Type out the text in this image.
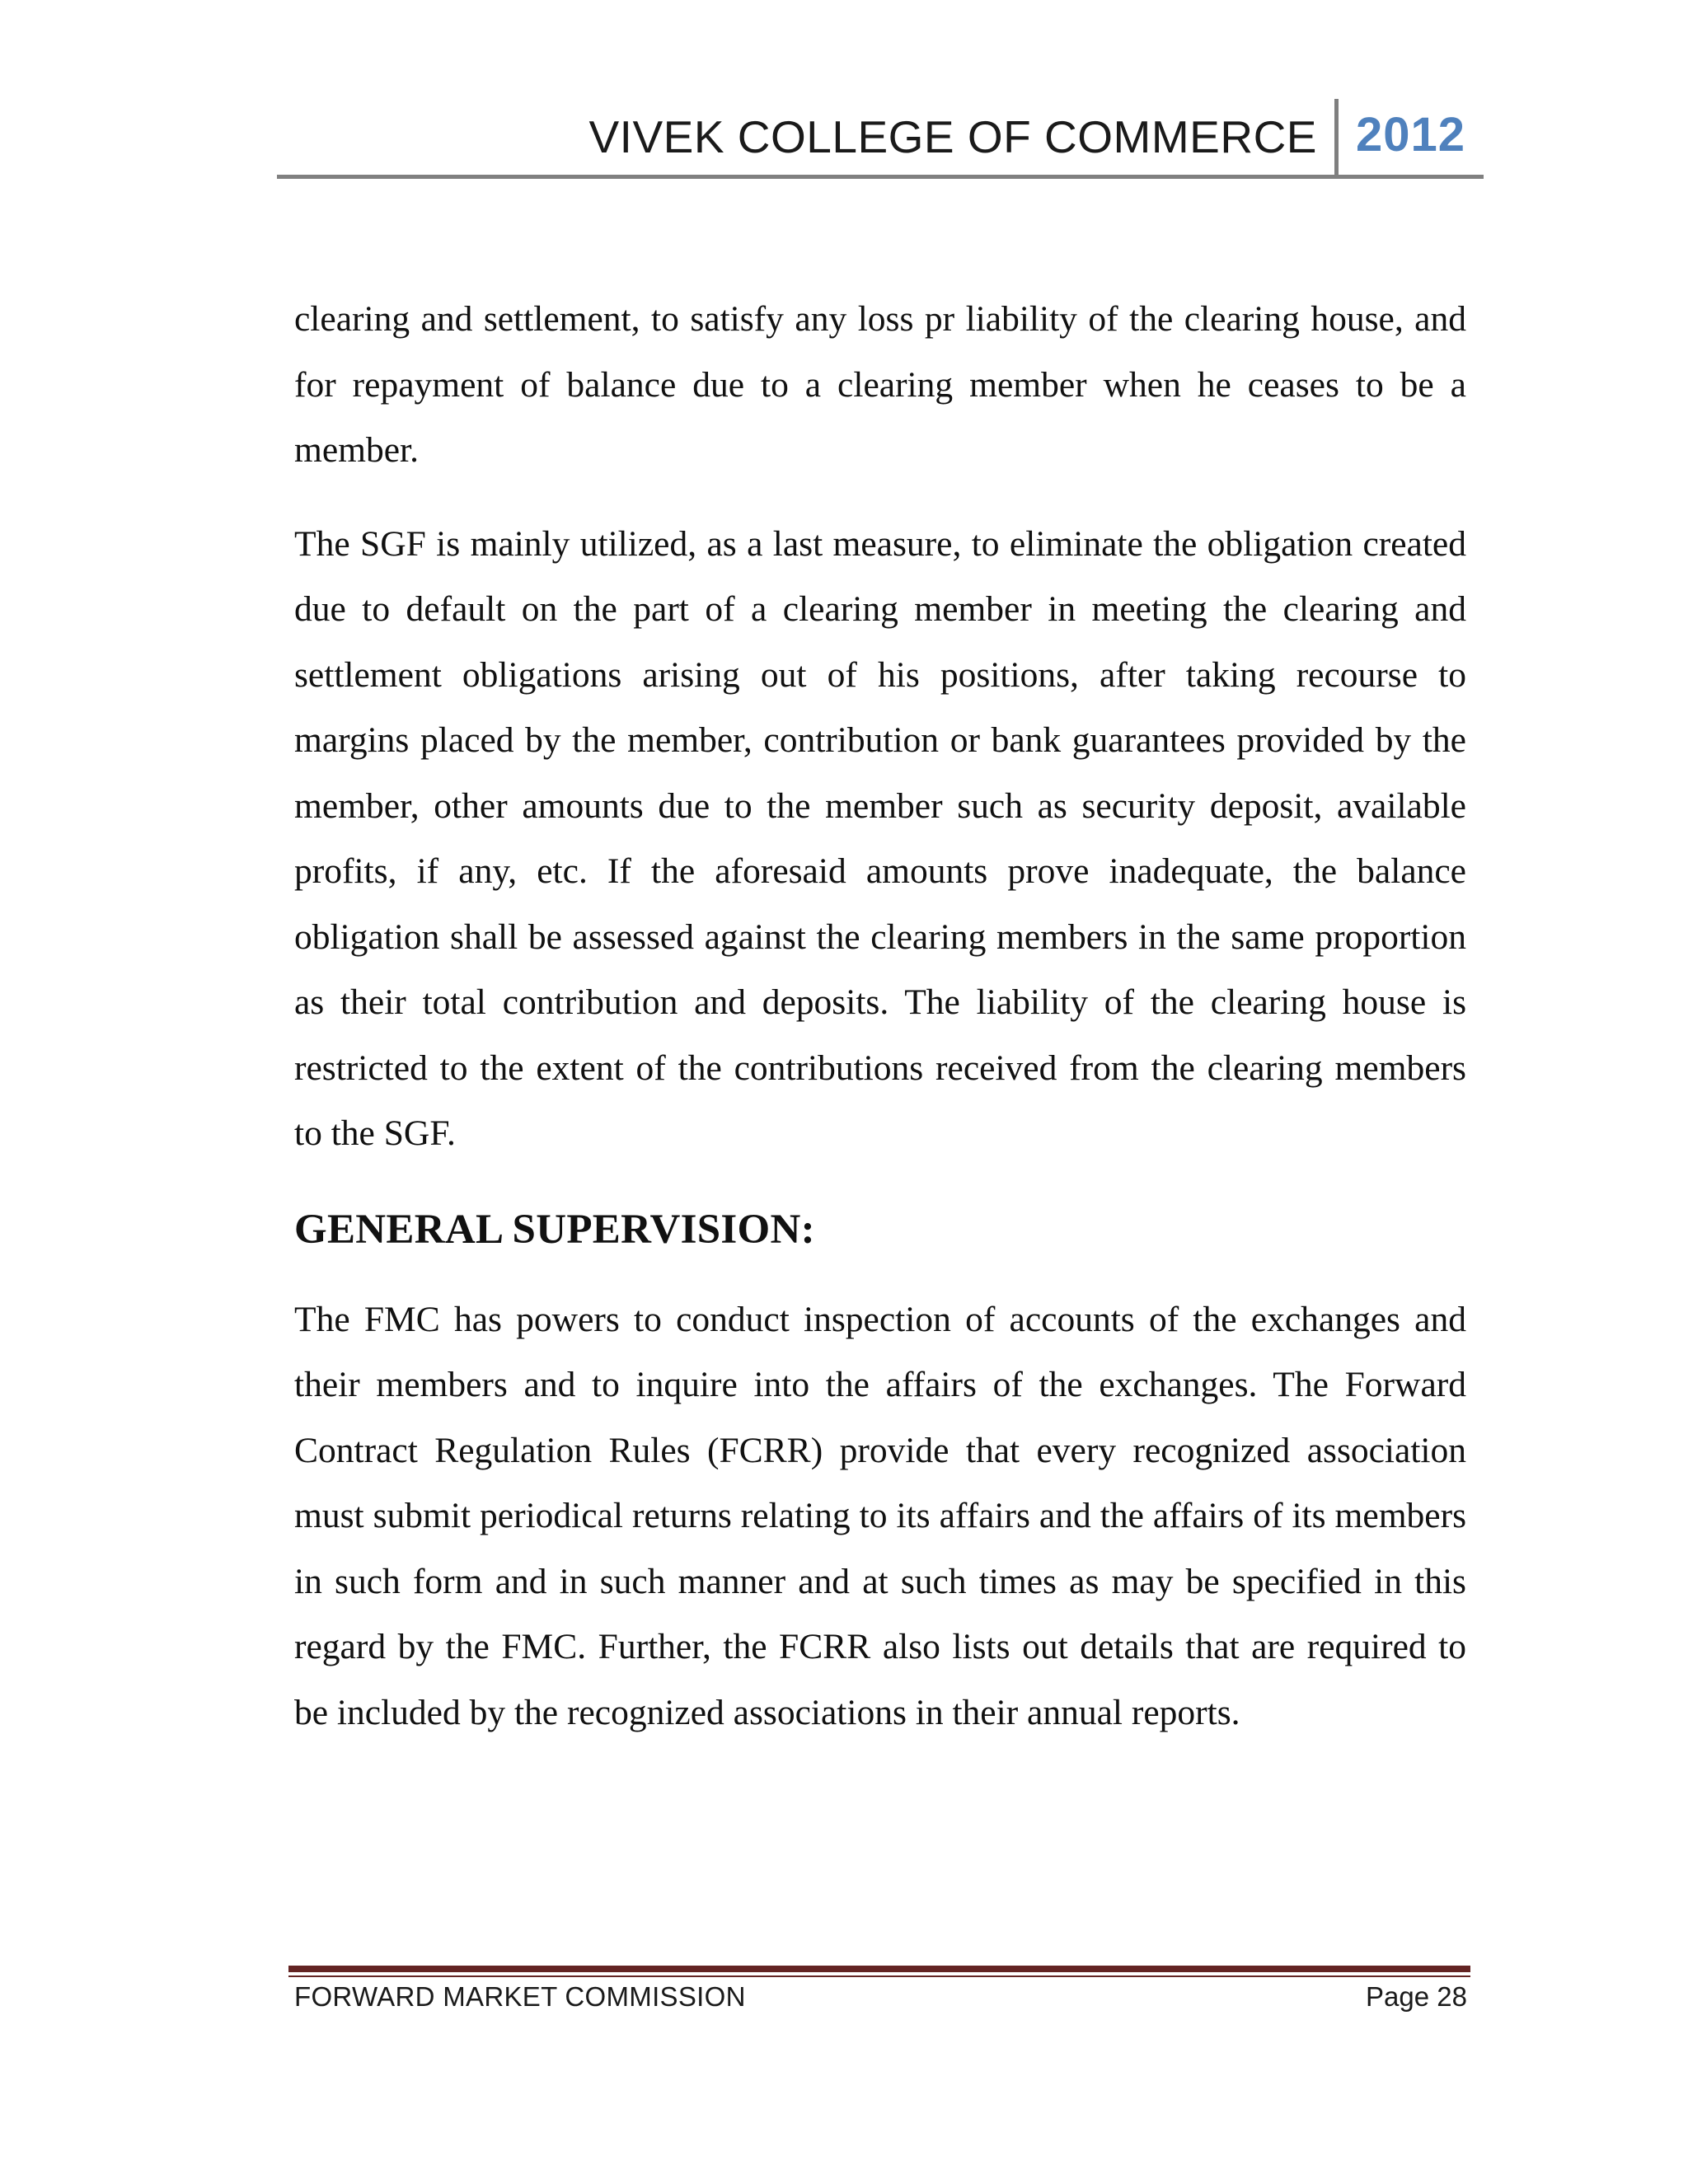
VIVEK COLLEGE OF COMMERCE 2012

clearing and settlement, to satisfy any loss pr liability of the clearing house, and for repayment of balance due to a clearing member when he ceases to be a member.

The SGF is mainly utilized, as a last measure, to eliminate the obligation created due to default on the part of a clearing member in meeting the clearing and settlement obligations arising out of his positions, after taking recourse to margins placed by the member, contribution or bank guarantees provided by the member, other amounts due to the member such as security deposit, available profits, if any, etc. If the aforesaid amounts prove inadequate, the balance obligation shall be assessed against the clearing members in the same proportion as their total contribution and deposits. The liability of the clearing house is restricted to the extent of the contributions received from the clearing members to the SGF.

GENERAL SUPERVISION:

The FMC has powers to conduct inspection of accounts of the exchanges and their members and to inquire into the affairs of the exchanges. The Forward Contract Regulation Rules (FCRR) provide that every recognized association must submit periodical returns relating to its affairs and the affairs of its members in such form and in such manner and at such times as may be specified in this regard by the FMC. Further, the FCRR also lists out details that are required to be included by the recognized associations in their annual reports.

FORWARD MARKET COMMISSION	Page 28
